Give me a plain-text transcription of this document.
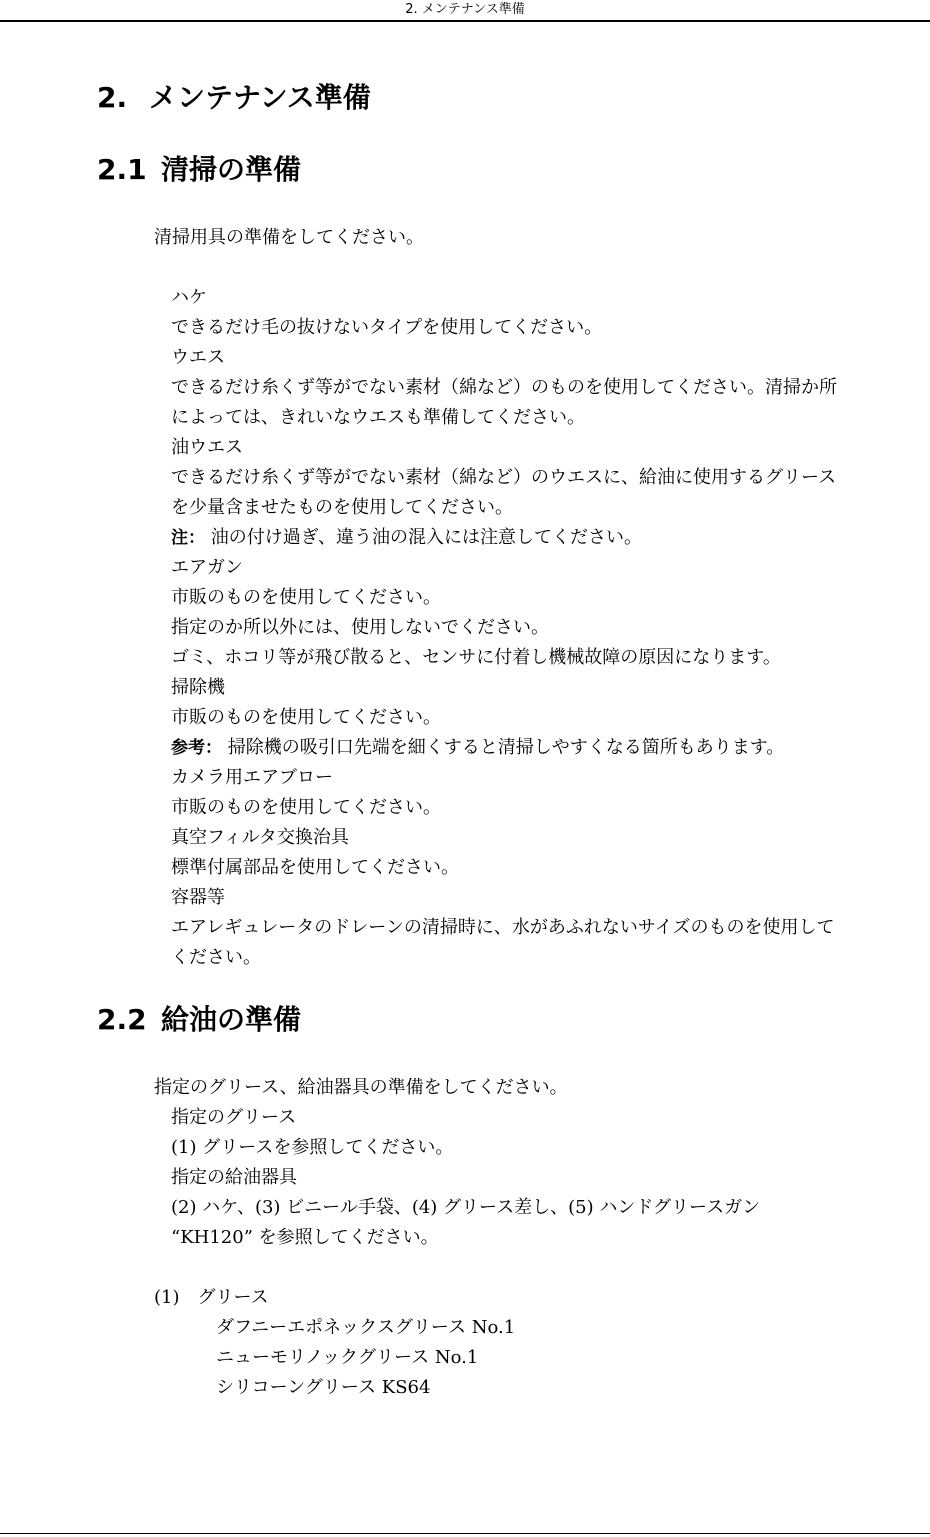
2. メンテナンス準備
2. メンテナンス準備
2.1 清掃の準備
清掃用具の準備をしてください。
ハケ
できるだけ毛の抜けないタイプを使用してください。
ウエス
できるだけ糸くず等がでない素材（綿など）のものを使用してください。清掃か所によっては、きれいなウエスも準備してください。
油ウエス
できるだけ糸くず等がでない素材（綿など）のウエスに、給油に使用するグリースを少量含ませたものを使用してください。
注： 油の付け過ぎ、違う油の混入には注意してください。
エアガン
市販のものを使用してください。
指定のか所以外には、使用しないでください。
ゴミ、ホコリ等が飛び散ると、センサに付着し機械故障の原因になります。
掃除機
市販のものを使用してください。
参考： 掃除機の吸引口先端を細くすると清掃しやすくなる箇所もあります。
カメラ用エアブロー
市販のものを使用してください。
真空フィルタ交換治具
標準付属部品を使用してください。
容器等
エアレギュレータのドレーンの清掃時に、水があふれないサイズのものを使用してください。
2.2 給油の準備
指定のグリース、給油器具の準備をしてください。
指定のグリース
(1) グリースを参照してください。
指定の給油器具
(2) ハケ、(3) ビニール手袋、(4) グリース差し、(5) ハンドグリースガン “KH120” を参照してください。
(1)　グリース
ダフニーエポネックスグリース No.1
ニューモリノックグリース No.1
シリコーングリース KS64
